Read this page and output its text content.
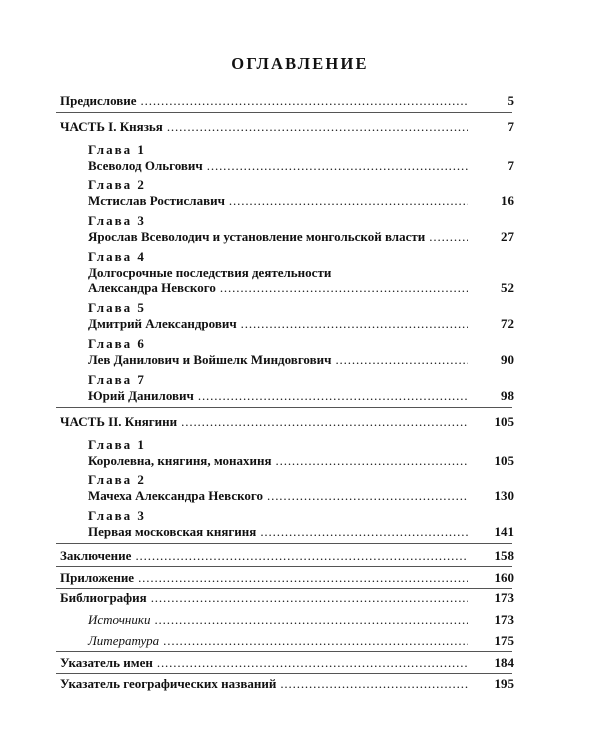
ОГЛАВЛЕНИЕ
Предисловие . . .	5
ЧАСТЬ I. Князья . . .	7
Глава 1
Всеволод Ольгович . . .	7
Глава 2
Мстислав Ростиславич . . .	16
Глава 3
Ярослав Всеволодич и установление монгольской власти . . .	27
Глава 4
Долгосрочные последствия деятельности
Александра Невского . . .	52
Глава 5
Дмитрий Александрович . . .	72
Глава 6
Лев Данилович и Войшелк Миндовгович . . .	90
Глава 7
Юрий Данилович . . .	98
ЧАСТЬ II. Княгини . . .	105
Глава 1
Королевна, княгиня, монахиня . . .	105
Глава 2
Мачеха Александра Невского . . .	130
Глава 3
Первая московская княгиня . . .	141
Заключение . . .	158
Приложение . . .	160
Библиография . . .	173
Источники . . .	173
Литература . . .	175
Указатель имен . . .	184
Указатель географических названий . . .	195
